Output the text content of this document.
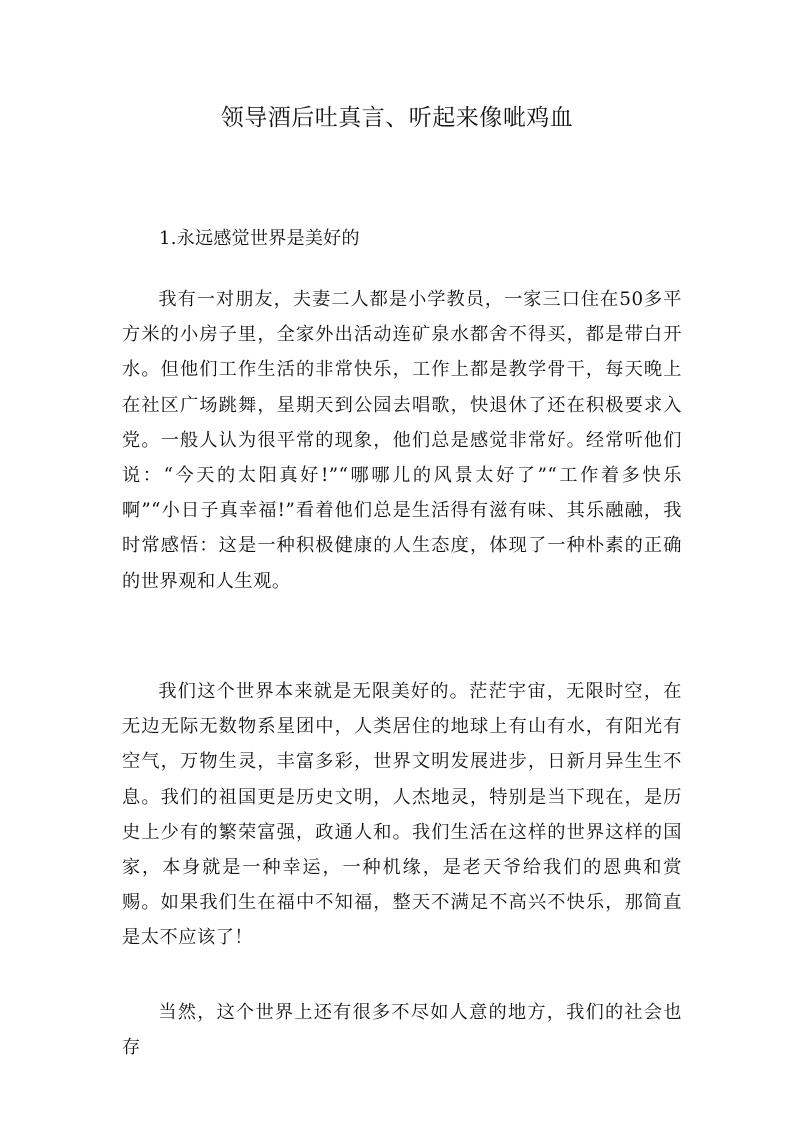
领导酒后吐真言、听起来像呲鸡血
1.永远感觉世界是美好的

我有一对朋友，夫妻二人都是小学教员，一家三口住在50多平方米的小房子里，全家外出活动连矿泉水都舍不得买，都是带白开水。但他们工作生活的非常快乐，工作上都是教学骨干，每天晚上在社区广场跳舞，星期天到公园去唱歌，快退休了还在积极要求入党。一般人认为很平常的现象，他们总是感觉非常好。经常听他们说：“今天的太阳真好!”“哪哪儿的风景太好了”“工作着多快乐啊”“小日子真幸福!”看着他们总是生活得有滋有味、其乐融融，我时常感悟：这是一种积极健康的人生态度，体现了一种朴素的正确的世界观和人生观。

我们这个世界本来就是无限美好的。茫茫宇宙，无限时空，在无边无际无数物系星团中，人类居住的地球上有山有水，有阳光有空气，万物生灵，丰富多彩，世界文明发展进步，日新月异生生不息。我们的祖国更是历史文明，人杰地灵，特别是当下现在，是历史上少有的繁荣富强，政通人和。我们生活在这样的世界这样的国家，本身就是一种幸运，一种机缘，是老天爷给我们的恩典和赏赐。如果我们生在福中不知福，整天不满足不高兴不快乐，那简直是太不应该了！

当然，这个世界上还有很多不尽如人意的地方，我们的社会也存
